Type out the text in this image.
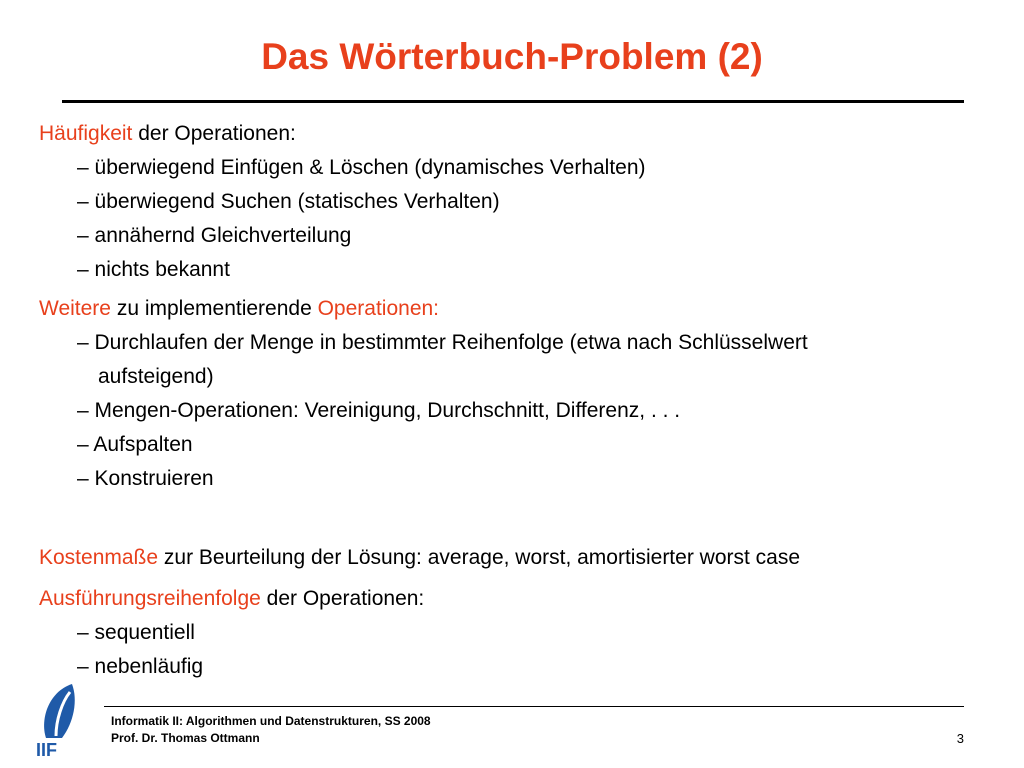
Das Wörterbuch-Problem (2)
Häufigkeit der Operationen:
– überwiegend Einfügen & Löschen (dynamisches Verhalten)
– überwiegend Suchen (statisches Verhalten)
– annähernd Gleichverteilung
– nichts bekannt
Weitere zu implementierende Operationen:
– Durchlaufen der Menge in bestimmter Reihenfolge (etwa nach Schlüsselwert
aufsteigend)
– Mengen-Operationen: Vereinigung, Durchschnitt, Differenz, . . .
– Aufspalten
– Konstruieren
Kostenmaße zur Beurteilung der Lösung: average, worst, amortisierter worst case
Ausführungsreihenfolge der Operationen:
– sequentiell
– nebenläufig
IIF
Informatik II: Algorithmen und Datenstrukturen, SS 2008
Prof. Dr. Thomas Ottmann	3
